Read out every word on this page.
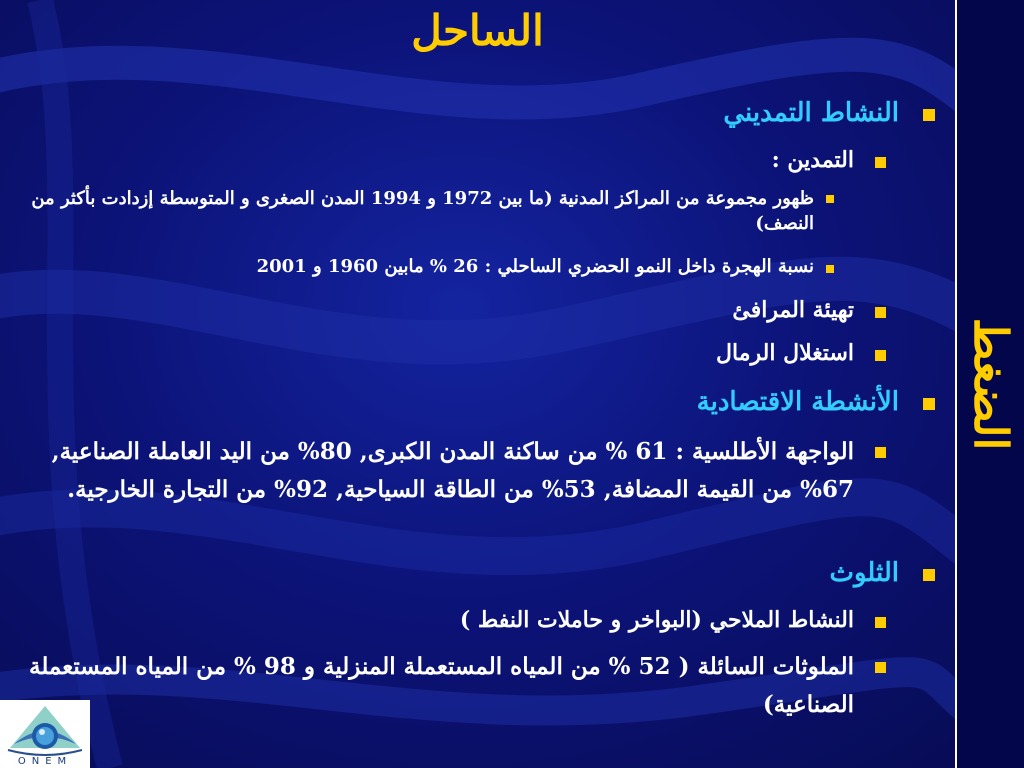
الساحل
النشاط التمديني
التمدين :
ظهور مجموعة من المراكز المدنية (ما بين 1972 و 1994 المدن الصغرى و المتوسطة إزدادت بأكثر من النصف)
نسبة الهجرة داخل النمو الحضري الساحلي : 26 % مابين 1960 و 2001
تهيئة المرافئ
استغلال الرمال
الأنشطة الاقتصادية
الواجهة الأطلسية : 61 % من ساكنة المدن الكبرى, 80% من اليد العاملة الصناعية, 67% من القيمة المضافة, 53% من الطاقة السياحية, 92% من التجارة الخارجية.
الثلوث
النشاط الملاحي (البواخر و حاملات النفط )
الملوثات السائلة ( 52 % من المياه المستعملة المنزلية و 98 % من المياه المستعملة الصناعية)
ONEM
الضغط
